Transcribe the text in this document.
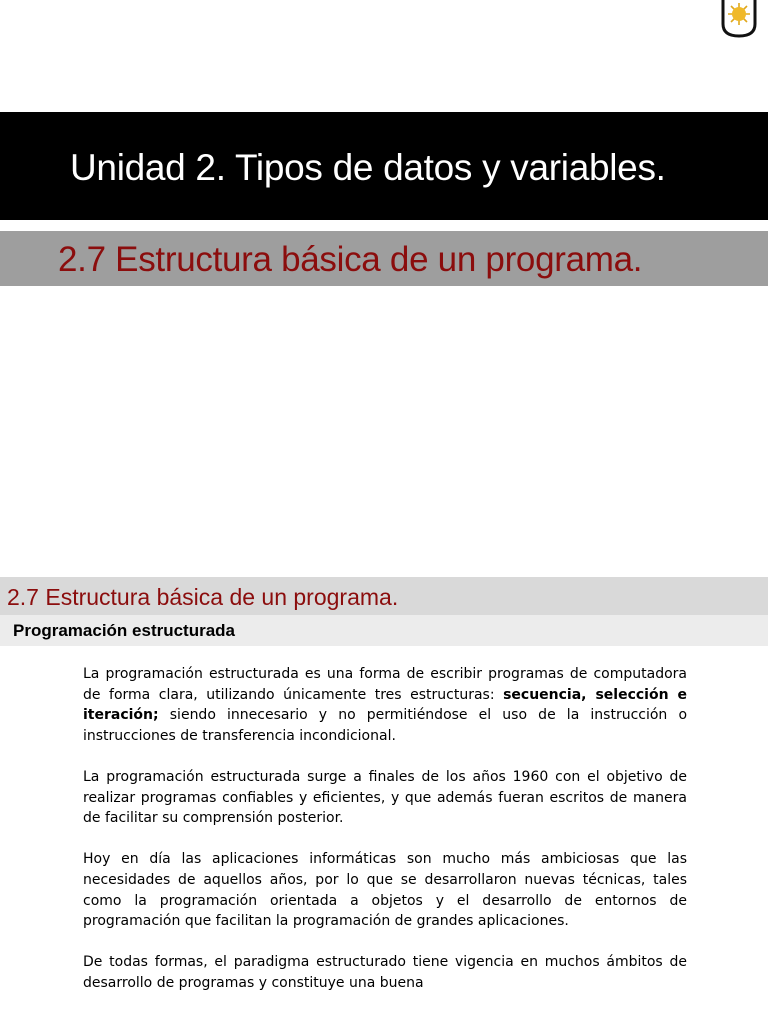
Unidad 2. Tipos de datos y variables.
2.7 Estructura básica de un programa.
2.7 Estructura básica de un programa.
Programación estructurada

La programación estructurada es una forma de escribir programas de computadora de forma clara, utilizando únicamente tres estructuras: secuencia, selección e iteración; siendo innecesario y no permitiéndose el uso de la instrucción o instrucciones de transferencia incondicional.

La programación estructurada surge a finales de los años 1960 con el objetivo de realizar programas confiables y eficientes, y que además fueran escritos de manera de facilitar su comprensión posterior.

Hoy en día las aplicaciones informáticas son mucho más ambiciosas que las necesidades de aquellos años, por lo que se desarrollaron nuevas técnicas, tales como la programación orientada a objetos y el desarrollo de entornos de programación que facilitan la programación de grandes aplicaciones.

De todas formas, el paradigma estructurado tiene vigencia en muchos ámbitos de desarrollo de programas y constituye una buena
